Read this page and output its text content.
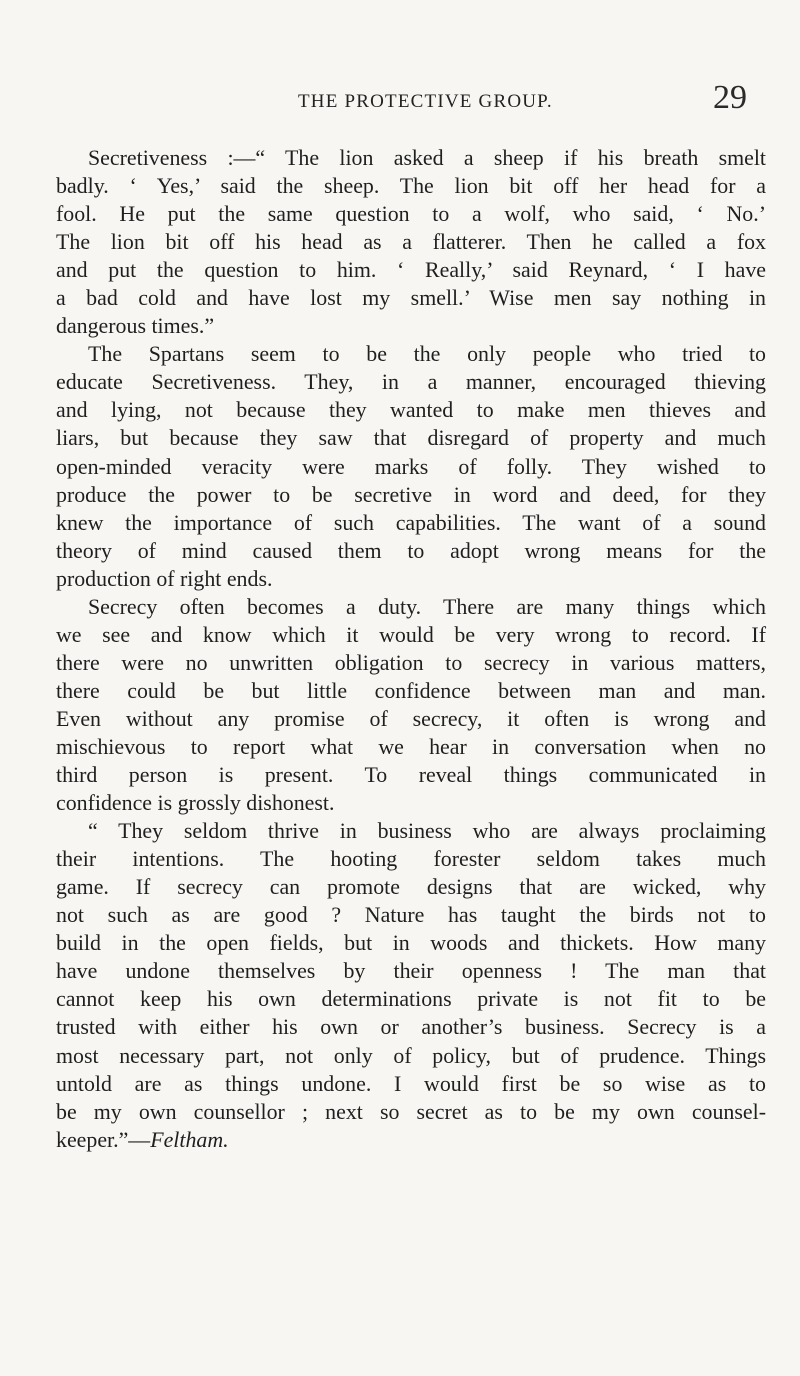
THE PROTECTIVE GROUP.	29
Secretiveness :—“ The lion asked a sheep if his breath smelt
badly. ‘ Yes,’ said the sheep. The lion bit off her head for a
fool. He put the same question to a wolf, who said, ‘ No.’
The lion bit off his head as a flatterer. Then he called a fox
and put the question to him. ‘ Really,’ said Reynard, ‘ I have
a bad cold and have lost my smell.’ Wise men say nothing in
dangerous times.”
The Spartans seem to be the only people who tried to
educate Secretiveness. They, in a manner, encouraged thieving
and lying, not because they wanted to make men thieves and
liars, but because they saw that disregard of property and much
open-minded veracity were marks of folly. They wished to
produce the power to be secretive in word and deed, for they
knew the importance of such capabilities. The want of a sound
theory of mind caused them to adopt wrong means for the
production of right ends.
Secrecy often becomes a duty. There are many things which
we see and know which it would be very wrong to record. If
there were no unwritten obligation to secrecy in various matters,
there could be but little confidence between man and man.
Even without any promise of secrecy, it often is wrong and
mischievous to report what we hear in conversation when no
third person is present. To reveal things communicated in
confidence is grossly dishonest.
“ They seldom thrive in business who are always proclaiming
their intentions. The hooting forester seldom takes much
game. If secrecy can promote designs that are wicked, why
not such as are good ? Nature has taught the birds not to
build in the open fields, but in woods and thickets. How many
have undone themselves by their openness ! The man that
cannot keep his own determinations private is not fit to be
trusted with either his own or another’s business. Secrecy is a
most necessary part, not only of policy, but of prudence. Things
untold are as things undone. I would first be so wise as to
be my own counsellor ; next so secret as to be my own counsel-
keeper.”—Feltham.
